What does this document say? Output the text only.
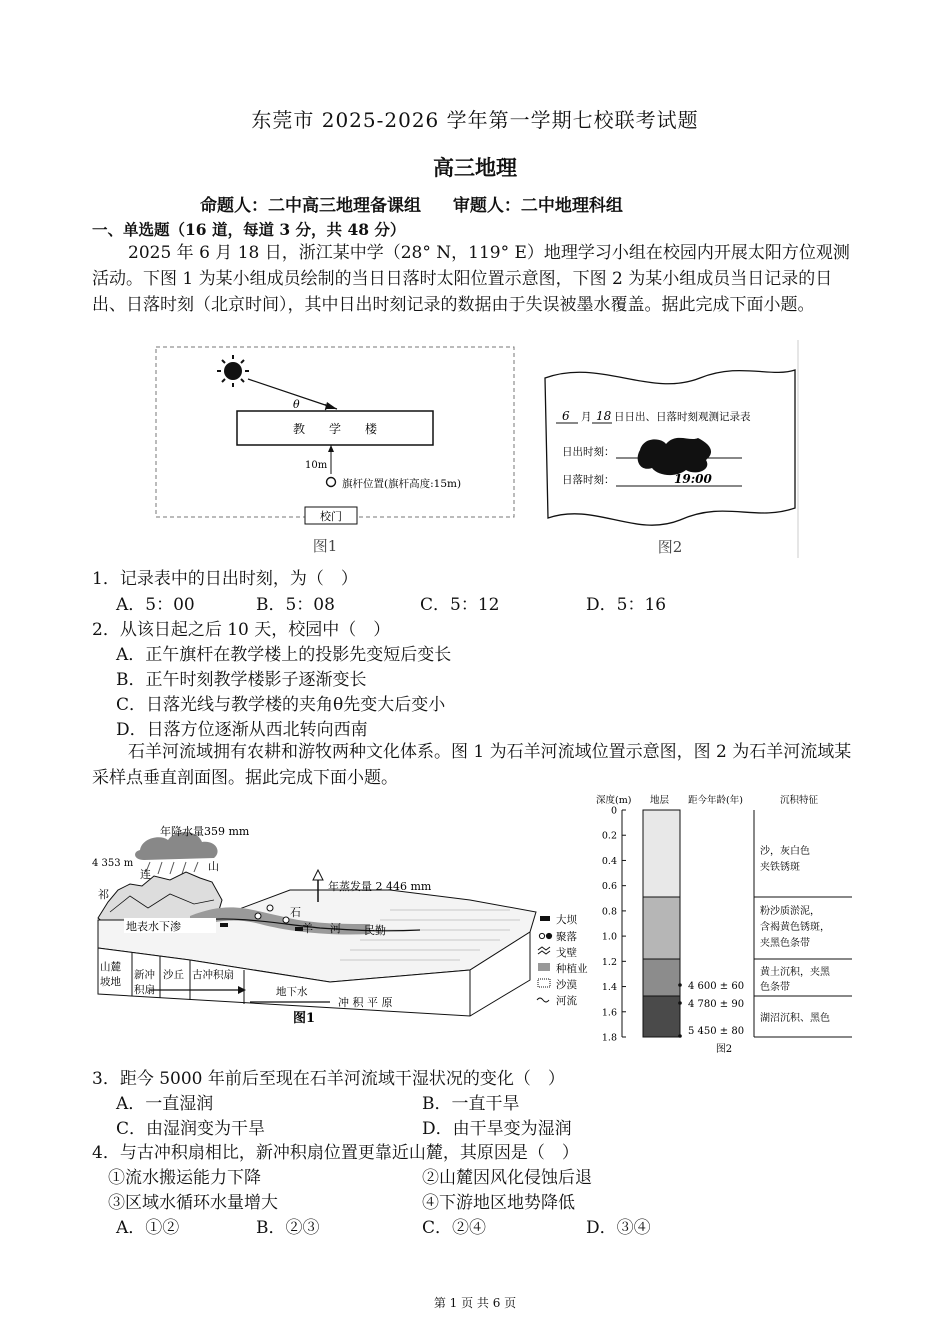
东莞市 2025-2026 学年第一学期七校联考试题
高三地理
命题人：二中高三地理备课组 审题人：二中地理科组
一、单选题（16 道，每道 3 分，共 48 分）
2025 年 6 月 18 日，浙江某中学（28° N，119° E）地理学习小组在校园内开展太阳方位观测活动。下图 1 为某小组成员绘制的当日日落时太阳位置示意图，下图 2 为某小组成员当日记录的日出、日落时刻（北京时间），其中日出时刻记录的数据由于失误被墨水覆盖。据此完成下面小题。
θ
教　　学　　楼
10m
旗杆位置(旗杆高度:15m)
校门
图1
6 月 18 日日出、日落时刻观测记录表
日出时刻：
日落时刻：	19:00
图2
1．记录表中的日出时刻，为（　）
A．5：00	B．5：08	C．5：12	D．5：16
2．从该日起之后 10 天，校园中（　）
A．正午旗杆在教学楼上的投影先变短后变长
B．正午时刻教学楼影子逐渐变长
C．日落光线与教学楼的夹角θ先变大后变小
D．日落方位逐渐从西北转向西南
石羊河流域拥有农耕和游牧两种文化体系。图 1 为石羊河流域位置示意图，图 2 为石羊河流域某采样点垂直剖面图。据此完成下面小题。
年降水量359 mm
4 353 m
连
山
祁
石
羊 河 民勤
年蒸发量 2 446 mm
地表水下渗
山麓
坡地
新冲
积扇
沙丘 古冲积扇
地下水
冲 积 平 原
大坝
聚落
戈壁
种植业
沙漠
河流
图1
深度(m) 地层 距今年龄(年)	沉积特征
0
0.2
0.4
0.6
0.8
1.0
1.2
1.4
1.6
1.8
4 600 ± 60
4 780 ± 90
5 450 ± 80
沙，灰白色
夹铁锈斑
粉沙质淤泥，
含褐黄色锈斑，
夹黑色条带
黄土沉积，夹黑
色条带
湖沼沉积、黑色
图2
3．距今 5000 年前后至现在石羊河流域干湿状况的变化（　）
A．一直湿润	B．一直干旱
C．由湿润变为干旱	D．由干旱变为湿润
4．与古冲积扇相比，新冲积扇位置更靠近山麓，其原因是（　）
①流水搬运能力下降	②山麓因风化侵蚀后退
③区域水循环水量增大	④下游地区地势降低
A．①②	B．②③	C．②④	D．③④
第 1 页 共 6 页
